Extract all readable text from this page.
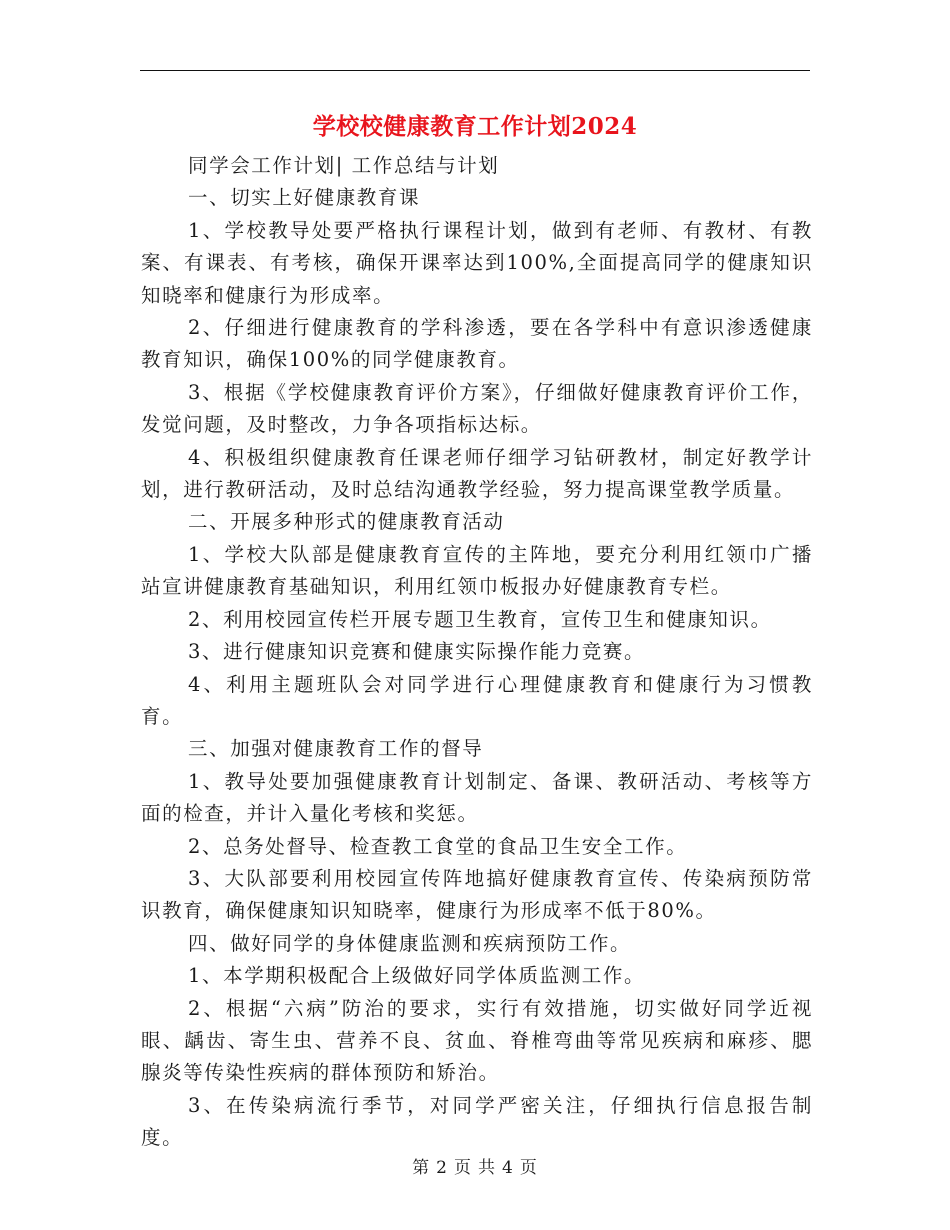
学校校健康教育工作计划2024

同学会工作计划| 工作总结与计划

一、切实上好健康教育课

1、学校教导处要严格执行课程计划，做到有老师、有教材、有教案、有课表、有考核，确保开课率达到100%,全面提高同学的健康知识知晓率和健康行为形成率。

2、仔细进行健康教育的学科渗透，要在各学科中有意识渗透健康教育知识，确保100%的同学健康教育。

3、根据《学校健康教育评价方案》，仔细做好健康教育评价工作，发觉问题，及时整改，力争各项指标达标。

4、积极组织健康教育任课老师仔细学习钻研教材，制定好教学计划，进行教研活动，及时总结沟通教学经验，努力提高课堂教学质量。

二、开展多种形式的健康教育活动

1、学校大队部是健康教育宣传的主阵地，要充分利用红领巾广播站宣讲健康教育基础知识，利用红领巾板报办好健康教育专栏。

2、利用校园宣传栏开展专题卫生教育，宣传卫生和健康知识。

3、进行健康知识竞赛和健康实际操作能力竞赛。

4、利用主题班队会对同学进行心理健康教育和健康行为习惯教育。

三、加强对健康教育工作的督导

1、教导处要加强健康教育计划制定、备课、教研活动、考核等方面的检查，并计入量化考核和奖惩。

2、总务处督导、检查教工食堂的食品卫生安全工作。

3、大队部要利用校园宣传阵地搞好健康教育宣传、传染病预防常识教育，确保健康知识知晓率，健康行为形成率不低于80%。

四、做好同学的身体健康监测和疾病预防工作。

1、本学期积极配合上级做好同学体质监测工作。

2、根据“六病”防治的要求，实行有效措施，切实做好同学近视眼、龋齿、寄生虫、营养不良、贫血、脊椎弯曲等常见疾病和麻疹、腮腺炎等传染性疾病的群体预防和矫治。

3、在传染病流行季节，对同学严密关注，仔细执行信息报告制度。

第 2 页 共 4 页
